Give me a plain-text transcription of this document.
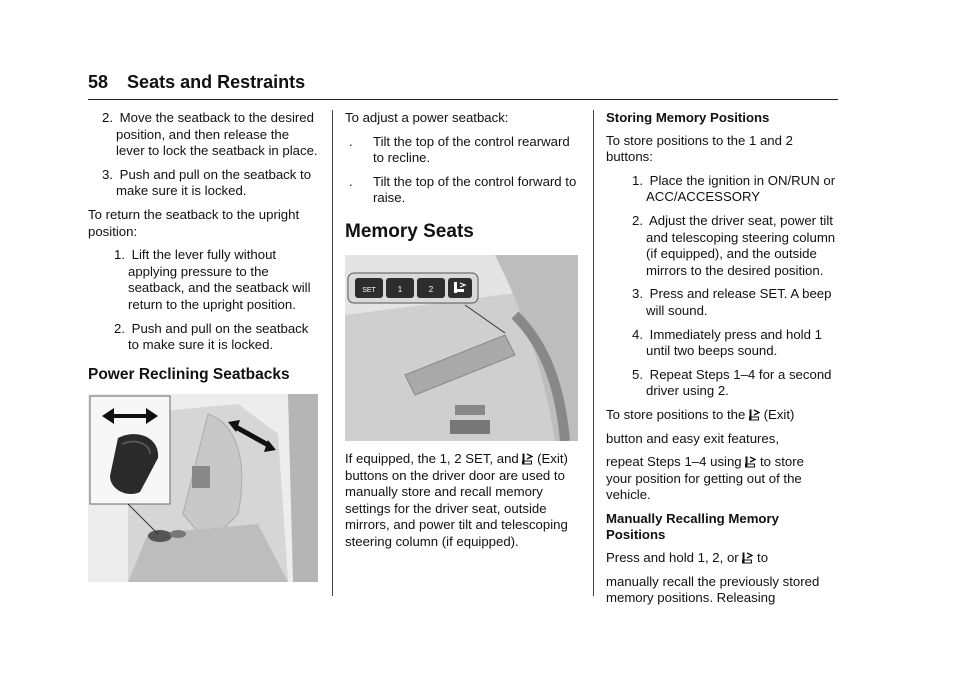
58 Seats and Restraints
2. Move the seatback to the desired position, and then release the lever to lock the seatback in place.
3. Push and pull on the seatback to make sure it is locked.

To return the seatback to the upright position:

1. Lift the lever fully without applying pressure to the seatback, and the seatback will return to the upright position.
2. Push and pull on the seatback to make sure it is locked.
Power Reclining Seatbacks

To adjust a power seatback:

. Tilt the top of the control rearward to recline.
. Tilt the top of the control forward to raise.
Memory Seats
SET	1	2

If equipped, the 1, 2 SET, and (Exit) buttons on the driver door are used to manually store and recall memory settings for the driver seat, outside mirrors, and power tilt and telescoping steering column (if equipped).

Storing Memory Positions

To store positions to the 1 and 2 buttons:

1. Place the ignition in ON/RUN or ACC/ACCESSORY
2. Adjust the driver seat, power tilt and telescoping steering column (if equipped), and the outside mirrors to the desired position.
3. Press and release SET. A beep will sound.
4. Immediately press and hold 1 until two beeps sound.
5. Repeat Steps 1–4 for a second driver using 2.

To store positions to the (Exit)

button and easy exit features,

repeat Steps 1–4 using to store
your position for getting out of the vehicle.

Manually Recalling Memory Positions

Press and hold 1, 2, or to

manually recall the previously stored memory positions. Releasing
